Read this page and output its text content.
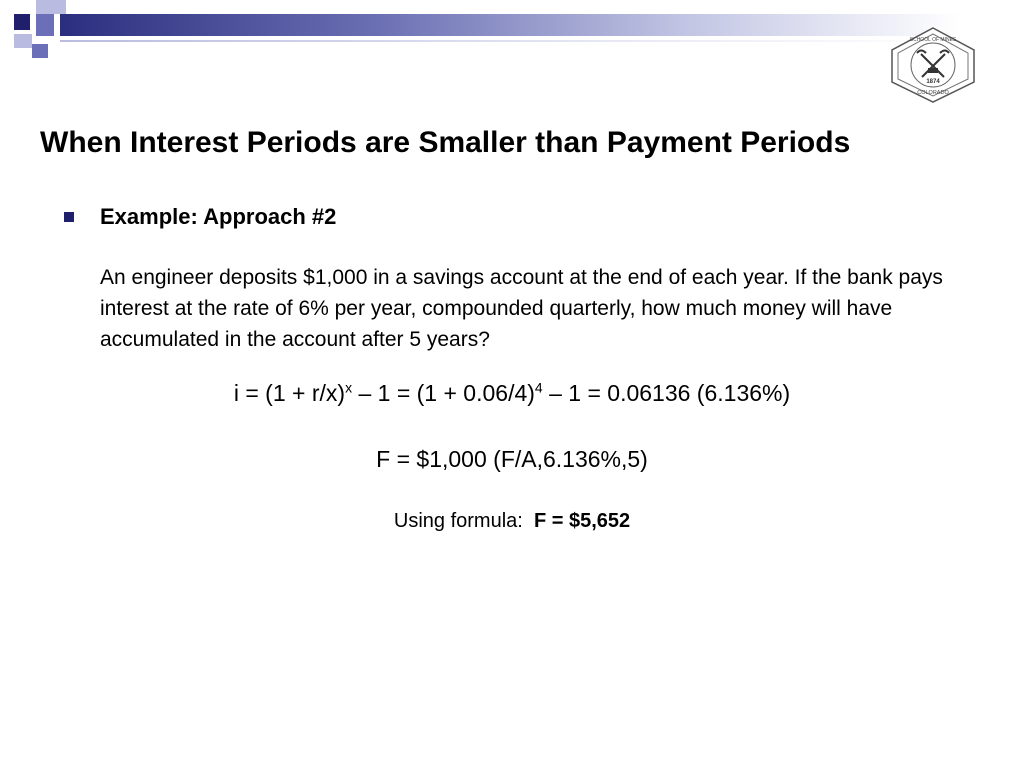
1874
SCHOOL OF MINES
COLORADO
When Interest Periods are Smaller than Payment Periods
Example: Approach #2
An engineer deposits $1,000 in a savings account at the end of each year. If the bank pays interest at the rate of 6% per year, compounded quarterly, how much money will have accumulated in the account after 5 years?
$i = (1 + r/x)^x - 1 = (1 + 0.06/4)^4 - 1 = 0.06136$ (6.136%)
F = $1,000 (F/A,6.136%,5)
Using formula:  F = $5,652
